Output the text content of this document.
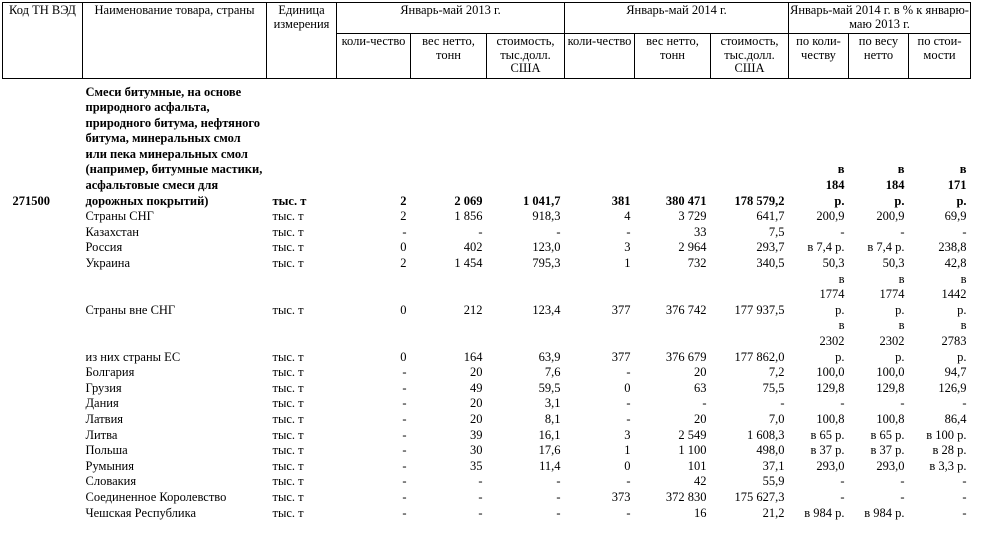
Код ТН ВЭД	Наименование товара, страны	Единица измерения	Январь-май 2013 г.			Январь-май 2014 г.			Январь-май 2014 г. в % к январю-маю 2013 г.		
			коли-чество	вес нетто, тонн	стоимость, тыс.долл. США	коли-чество	вес нетто, тонн	стоимость, тыс.долл. США	по коли-честву	по весу нетто	по стои-мости

271500	Смеси битумные, на основе природного асфальта, природного битума, нефтяного битума, минеральных смол или пека минеральных смол (например, битумные мастики, асфальтовые смеси для дорожных покрытий)	тыс. т	2	2 069	1 041,7	381	380 471	178 579,2	в 184 р.	в 184 р.	в 171 р.

	Страны СНГ	тыс. т	2	1 856	918,3	4	3 729	641,7	200,9	200,9	69,9
	Казахстан	тыс. т	-	-	-	-	33	7,5	-	-	-
	Россия	тыс. т	0	402	123,0	3	2 964	293,7	в 7,4 р.	в 7,4 р.	238,8
	Украина	тыс. т	2	1 454	795,3	1	732	340,5	50,3	50,3	42,8
	Страны вне СНГ	тыс. т	0	212	123,4	377	376 742	177 937,5	в 1774 р.	в 1774 р.	в 1442 р.

	из них страны ЕС	тыс. т	0	164	63,9	377	376 679	177 862,0	в 2302 р.	в 2302 р.	в 2783 р.

	Болгария	тыс. т	-	20	7,6	-	20	7,2	100,0	100,0	94,7
	Грузия	тыс. т	-	49	59,5	0	63	75,5	129,8	129,8	126,9
	Дания	тыс. т	-	20	3,1	-	-	-	-	-	-
	Латвия	тыс. т	-	20	8,1	-	20	7,0	100,8	100,8	86,4
	Литва	тыс. т	-	39	16,1	3	2 549	1 608,3	в 65 р.	в 65 р.	в 100 р.
	Польша	тыс. т	-	30	17,6	1	1 100	498,0	в 37 р.	в 37 р.	в 28 р.
	Румыния	тыс. т	-	35	11,4	0	101	37,1	293,0	293,0	в 3,3 р.
	Словакия	тыс. т	-	-	-	-	42	55,9	-	-	-
	Соединенное Королевство	тыс. т	-	-	-	373	372 830	175 627,3	-	-	-
	Чешская Республика	тыс. т	-	-	-	-	16	21,2	в 984 р.	в 984 р.	-
